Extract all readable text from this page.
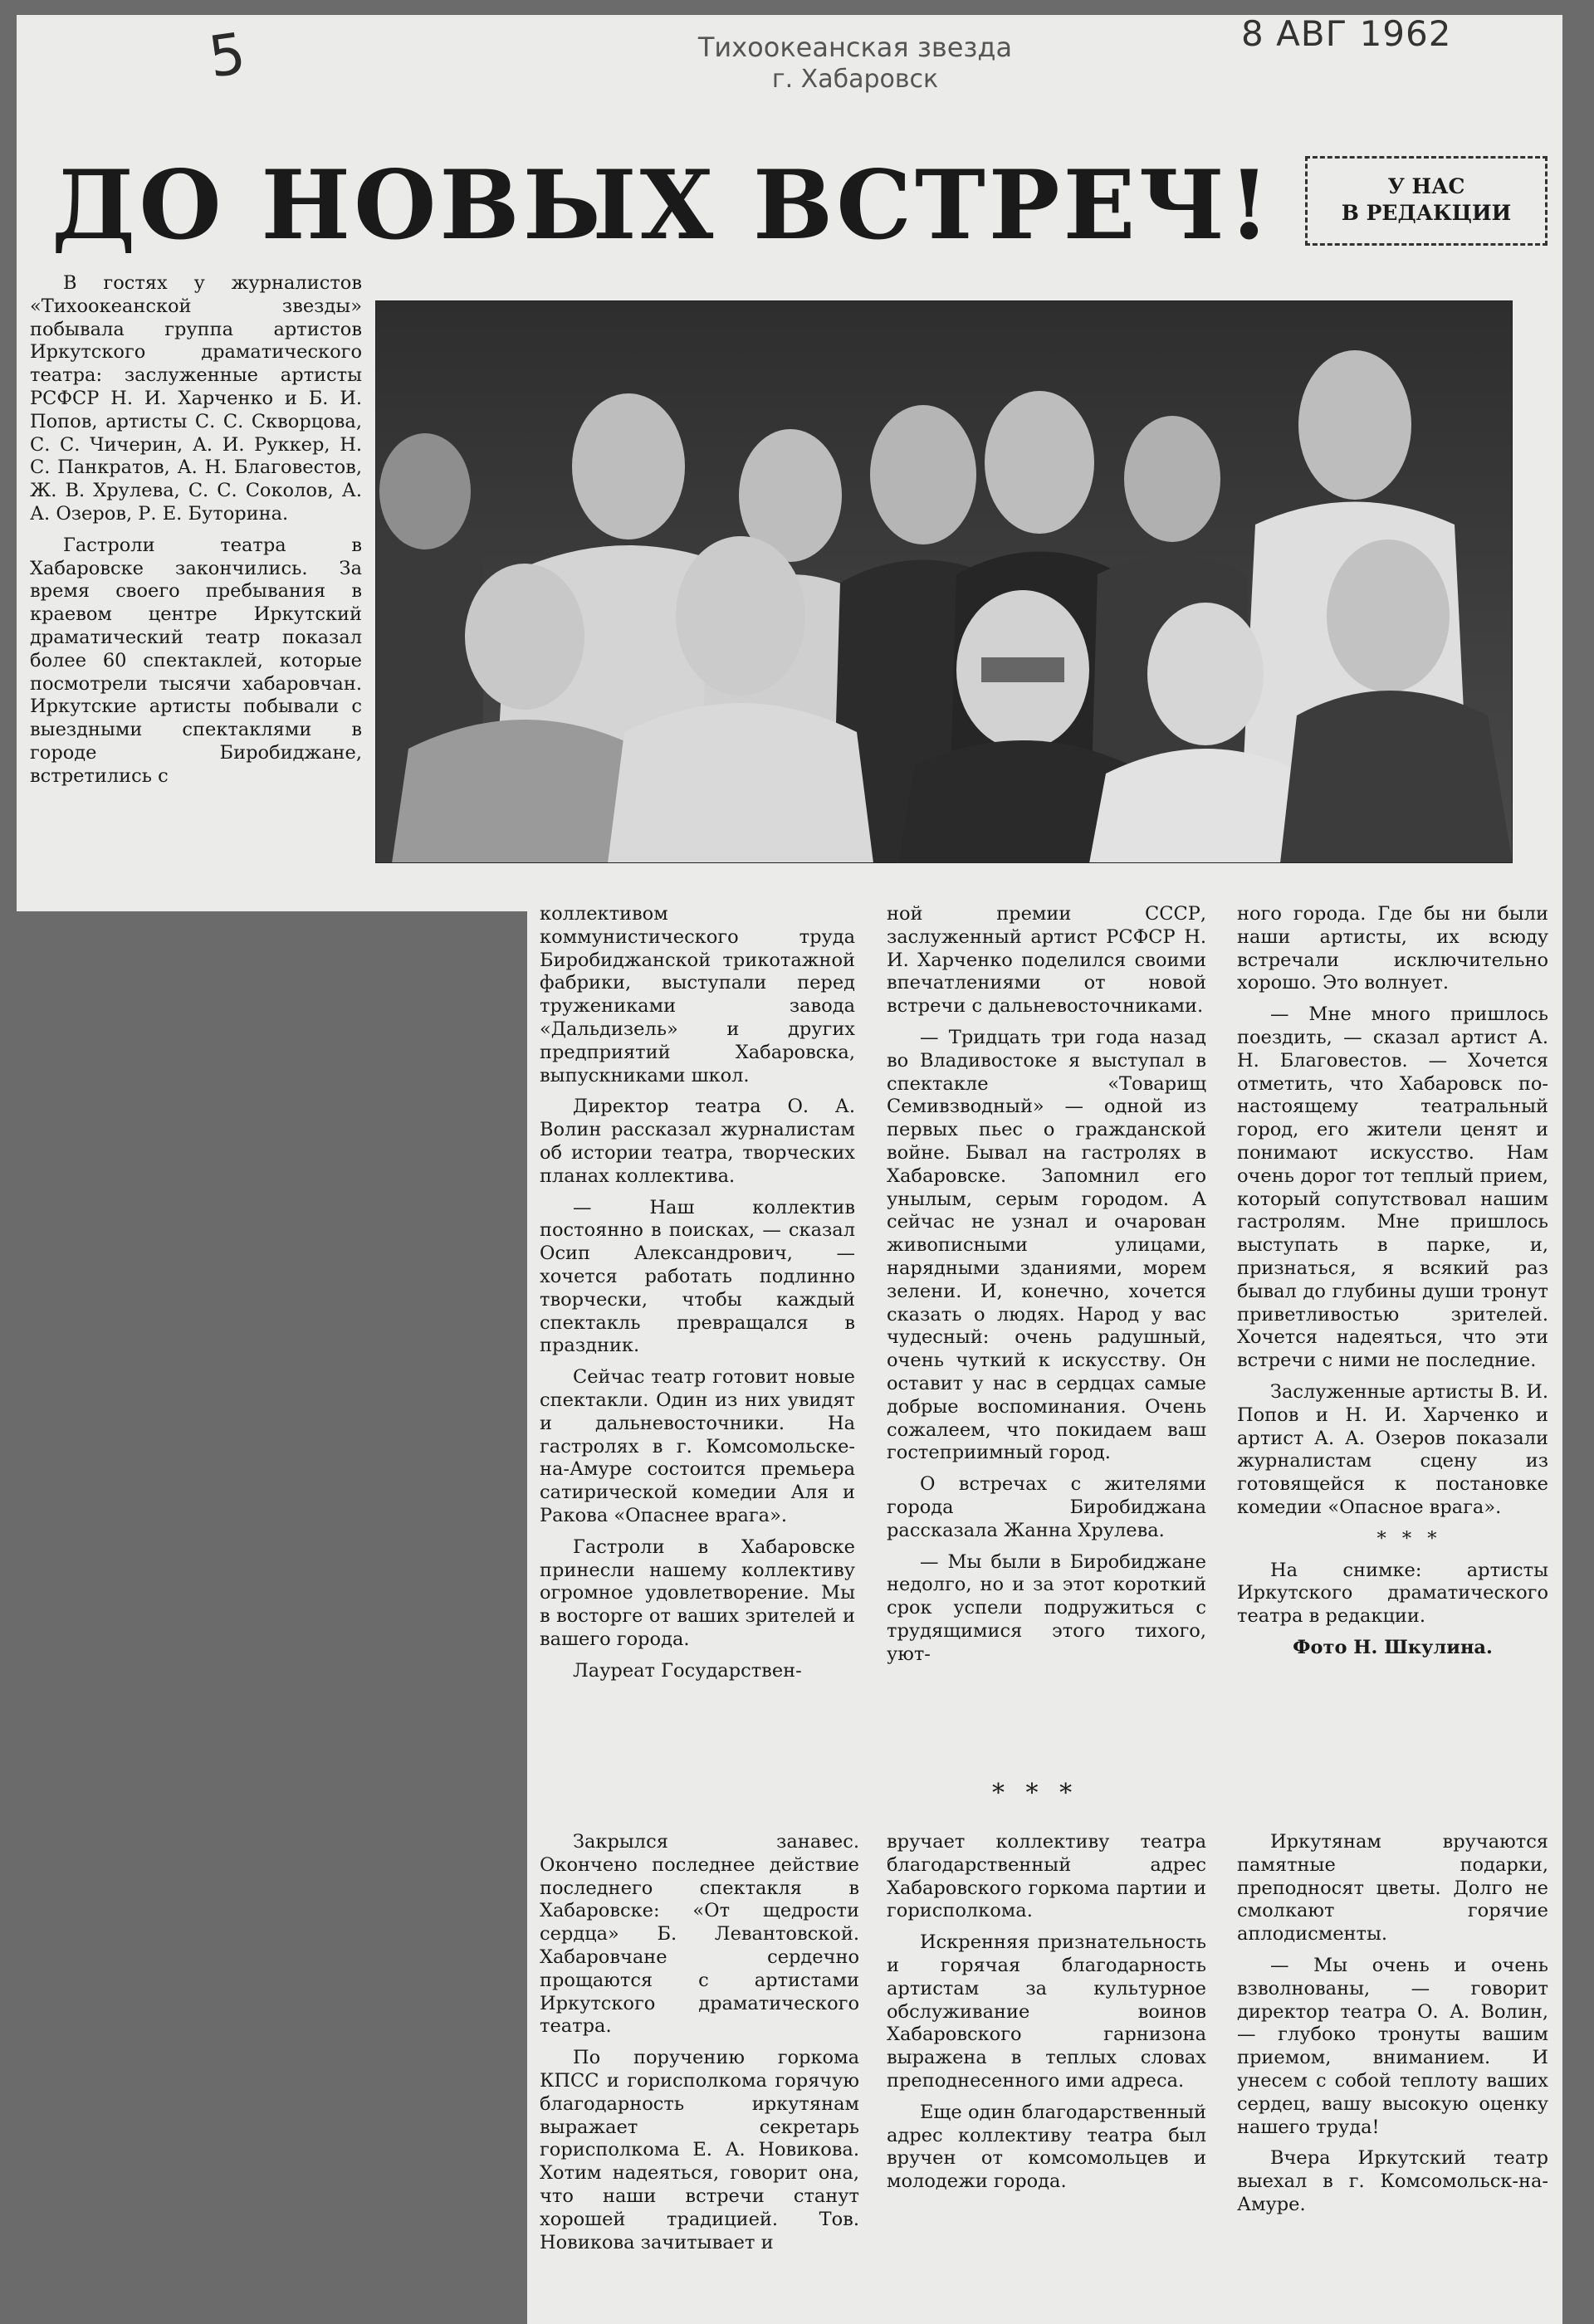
5	Тихоокеанская звезда
г. Хабаровск
8 АВГ 1962
ДО НОВЫХ ВСТРЕЧ!	У НАС
В РЕДАКЦИИ

В гостях у журналистов «Тихоокеанской звезды» побывала группа артистов Иркутского драматического театра: заслуженные артисты РСФСР Н. И. Харченко и Б. И. Попов, артисты С. С. Скворцова, С. С. Чичерин, А. И. Руккер, Н. С. Панкратов, А. Н. Благовестов, Ж. В. Хрулева, С. С. Соколов, А. А. Озеров, Р. Е. Буторина.

Гастроли театра в Хабаровске закончились. За время своего пребывания в краевом центре Иркутский драматический театр показал более 60 спектаклей, которые посмотрели тысячи хабаровчан. Иркутские артисты побывали с выездными спектаклями в городе Биробиджане, встретились с

коллективом коммунистического труда Биробиджанской трикотажной фабрики, выступали перед тружениками завода «Дальдизель» и других предприятий Хабаровска, выпускниками школ.

Директор театра О. А. Волин рассказал журналистам об истории театра, творческих планах коллектива.

— Наш коллектив постоянно в поисках, — сказал Осип Александрович, — хочется работать подлинно творчески, чтобы каждый спектакль превращался в праздник.

Сейчас театр готовит новые спектакли. Один из них увидят и дальневосточники. На гастролях в г. Комсомольске-на-Амуре состоится премьера сатирической комедии Аля и Ракова «Опаснее врага».

Гастроли в Хабаровске принесли нашему коллективу огромное удовлетворение. Мы в восторге от ваших зрителей и вашего города.

Лауреат Государствен-

ной премии СССР, заслуженный артист РСФСР Н. И. Харченко поделился своими впечатлениями от новой встречи с дальневосточниками.

— Тридцать три года назад во Владивостоке я выступал в спектакле «Товарищ Семивзводный» — одной из первых пьес о гражданской войне. Бывал на гастролях в Хабаровске. Запомнил его унылым, серым городом. А сейчас не узнал и очарован живописными улицами, нарядными зданиями, морем зелени. И, конечно, хочется сказать о людях. Народ у вас чудесный: очень радушный, очень чуткий к искусству. Он оставит у нас в сердцах самые добрые воспоминания. Очень сожалеем, что покидаем ваш гостеприимный город.

О встречах с жителями города Биробиджана рассказала Жанна Хрулева.

— Мы были в Биробиджане недолго, но и за этот короткий срок успели подружиться с трудящимися этого тихого, уют-

ного города. Где бы ни были наши артисты, их всюду встречали исключительно хорошо. Это волнует.

— Мне много пришлось поездить, — сказал артист А. Н. Благовестов. — Хочется отметить, что Хабаровск по-настоящему театральный город, его жители ценят и понимают искусство. Нам очень дорог тот теплый прием, который сопутствовал нашим гастролям. Мне пришлось выступать в парке, и, признаться, я всякий раз бывал до глубины души тронут приветливостью зрителей. Хочется надеяться, что эти встречи с ними не последние.

Заслуженные артисты В. И. Попов и Н. И. Харченко и артист А. А. Озеров показали журналистам сцену из готовящейся к постановке комедии «Опасное врага».

* * *

На снимке: артисты Иркутского драматического театра в редакции.

Фото Н. Шкулина.

* * *

Закрылся занавес. Окончено последнее действие последнего спектакля в Хабаровске: «От щедрости сердца» Б. Левантовской. Хабаровчане сердечно прощаются с артистами Иркутского драматического театра.

По поручению горкома КПСС и горисполкома горячую благодарность иркутянам выражает секретарь горисполкома Е. А. Новикова. Хотим надеяться, говорит она, что наши встречи станут хорошей традицией. Тов. Новикова зачитывает и

вручает коллективу театра благодарственный адрес Хабаровского горкома партии и горисполкома.

Искренняя признательность и горячая благодарность артистам за культурное обслуживание воинов Хабаровского гарнизона выражена в теплых словах преподнесенного ими адреса.

Еще один благодарственный адрес коллективу театра был вручен от комсомольцев и молодежи города.

Иркутянам вручаются памятные подарки, преподносят цветы. Долго не смолкают горячие аплодисменты.

— Мы очень и очень взволнованы, — говорит директор театра О. А. Волин, — глубоко тронуты вашим приемом, вниманием. И унесем с собой теплоту ваших сердец, вашу высокую оценку нашего труда!

Вчера Иркутский театр выехал в г. Комсомольск-на-Амуре.
